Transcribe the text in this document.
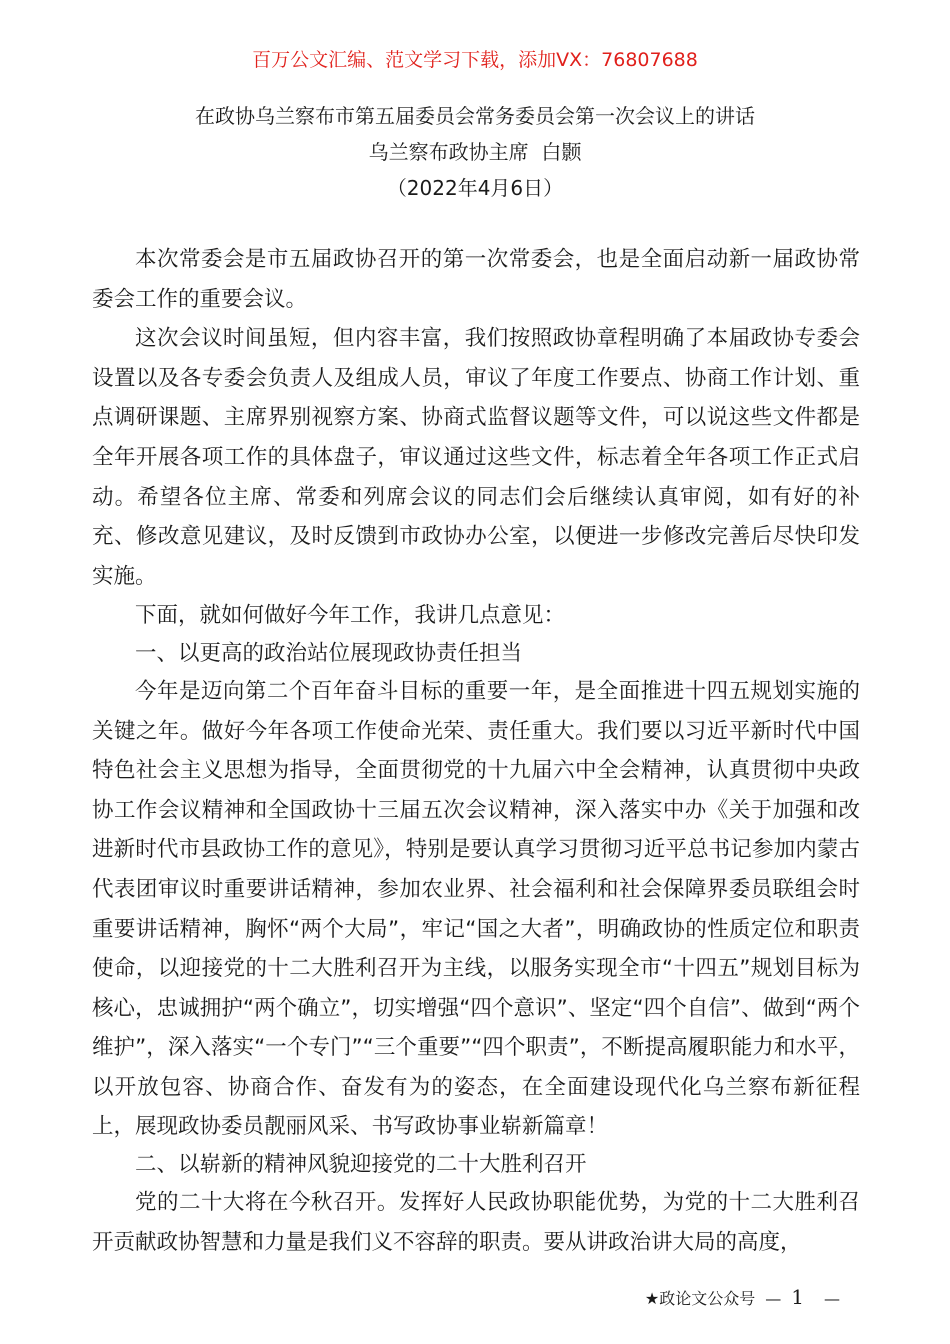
百万公文汇编、范文学习下载，添加VX：76807688
在政协乌兰察布市第五届委员会常务委员会第一次会议上的讲话
乌兰察布政协主席  白颢
（2022年4月6日）

本次常委会是市五届政协召开的第一次常委会，也是全面启动新一届政协常委会工作的重要会议。

这次会议时间虽短，但内容丰富，我们按照政协章程明确了本届政协专委会设置以及各专委会负责人及组成人员，审议了年度工作要点、协商工作计划、重点调研课题、主席界别视察方案、协商式监督议题等文件，可以说这些文件都是全年开展各项工作的具体盘子，审议通过这些文件，标志着全年各项工作正式启动。希望各位主席、常委和列席会议的同志们会后继续认真审阅，如有好的补充、修改意见建议，及时反馈到市政协办公室，以便进一步修改完善后尽快印发实施。

下面，就如何做好今年工作，我讲几点意见：

一、以更高的政治站位展现政协责任担当

今年是迈向第二个百年奋斗目标的重要一年，是全面推进十四五规划实施的关键之年。做好今年各项工作使命光荣、责任重大。我们要以习近平新时代中国特色社会主义思想为指导，全面贯彻党的十九届六中全会精神，认真贯彻中央政协工作会议精神和全国政协十三届五次会议精神，深入落实中办《关于加强和改进新时代市县政协工作的意见》，特别是要认真学习贯彻习近平总书记参加内蒙古代表团审议时重要讲话精神，参加农业界、社会福利和社会保障界委员联组会时重要讲话精神，胸怀“两个大局”，牢记“国之大者”，明确政协的性质定位和职责使命，以迎接党的十二大胜利召开为主线，以服务实现全市“十四五”规划目标为核心，忠诚拥护“两个确立”，切实增强“四个意识”、坚定“四个自信”、做到“两个维护”，深入落实“一个专门”“三个重要”“四个职责”，不断提高履职能力和水平，以开放包容、协商合作、奋发有为的姿态，在全面建设现代化乌兰察布新征程上，展现政协委员靓丽风采、书写政协事业崭新篇章！

二、以崭新的精神风貌迎接党的二十大胜利召开

党的二十大将在今秋召开。发挥好人民政协职能优势，为党的十二大胜利召开贡献政协智慧和力量是我们义不容辞的职责。要从讲政治讲大局的高度，

★政论文公众号 — 1 —
